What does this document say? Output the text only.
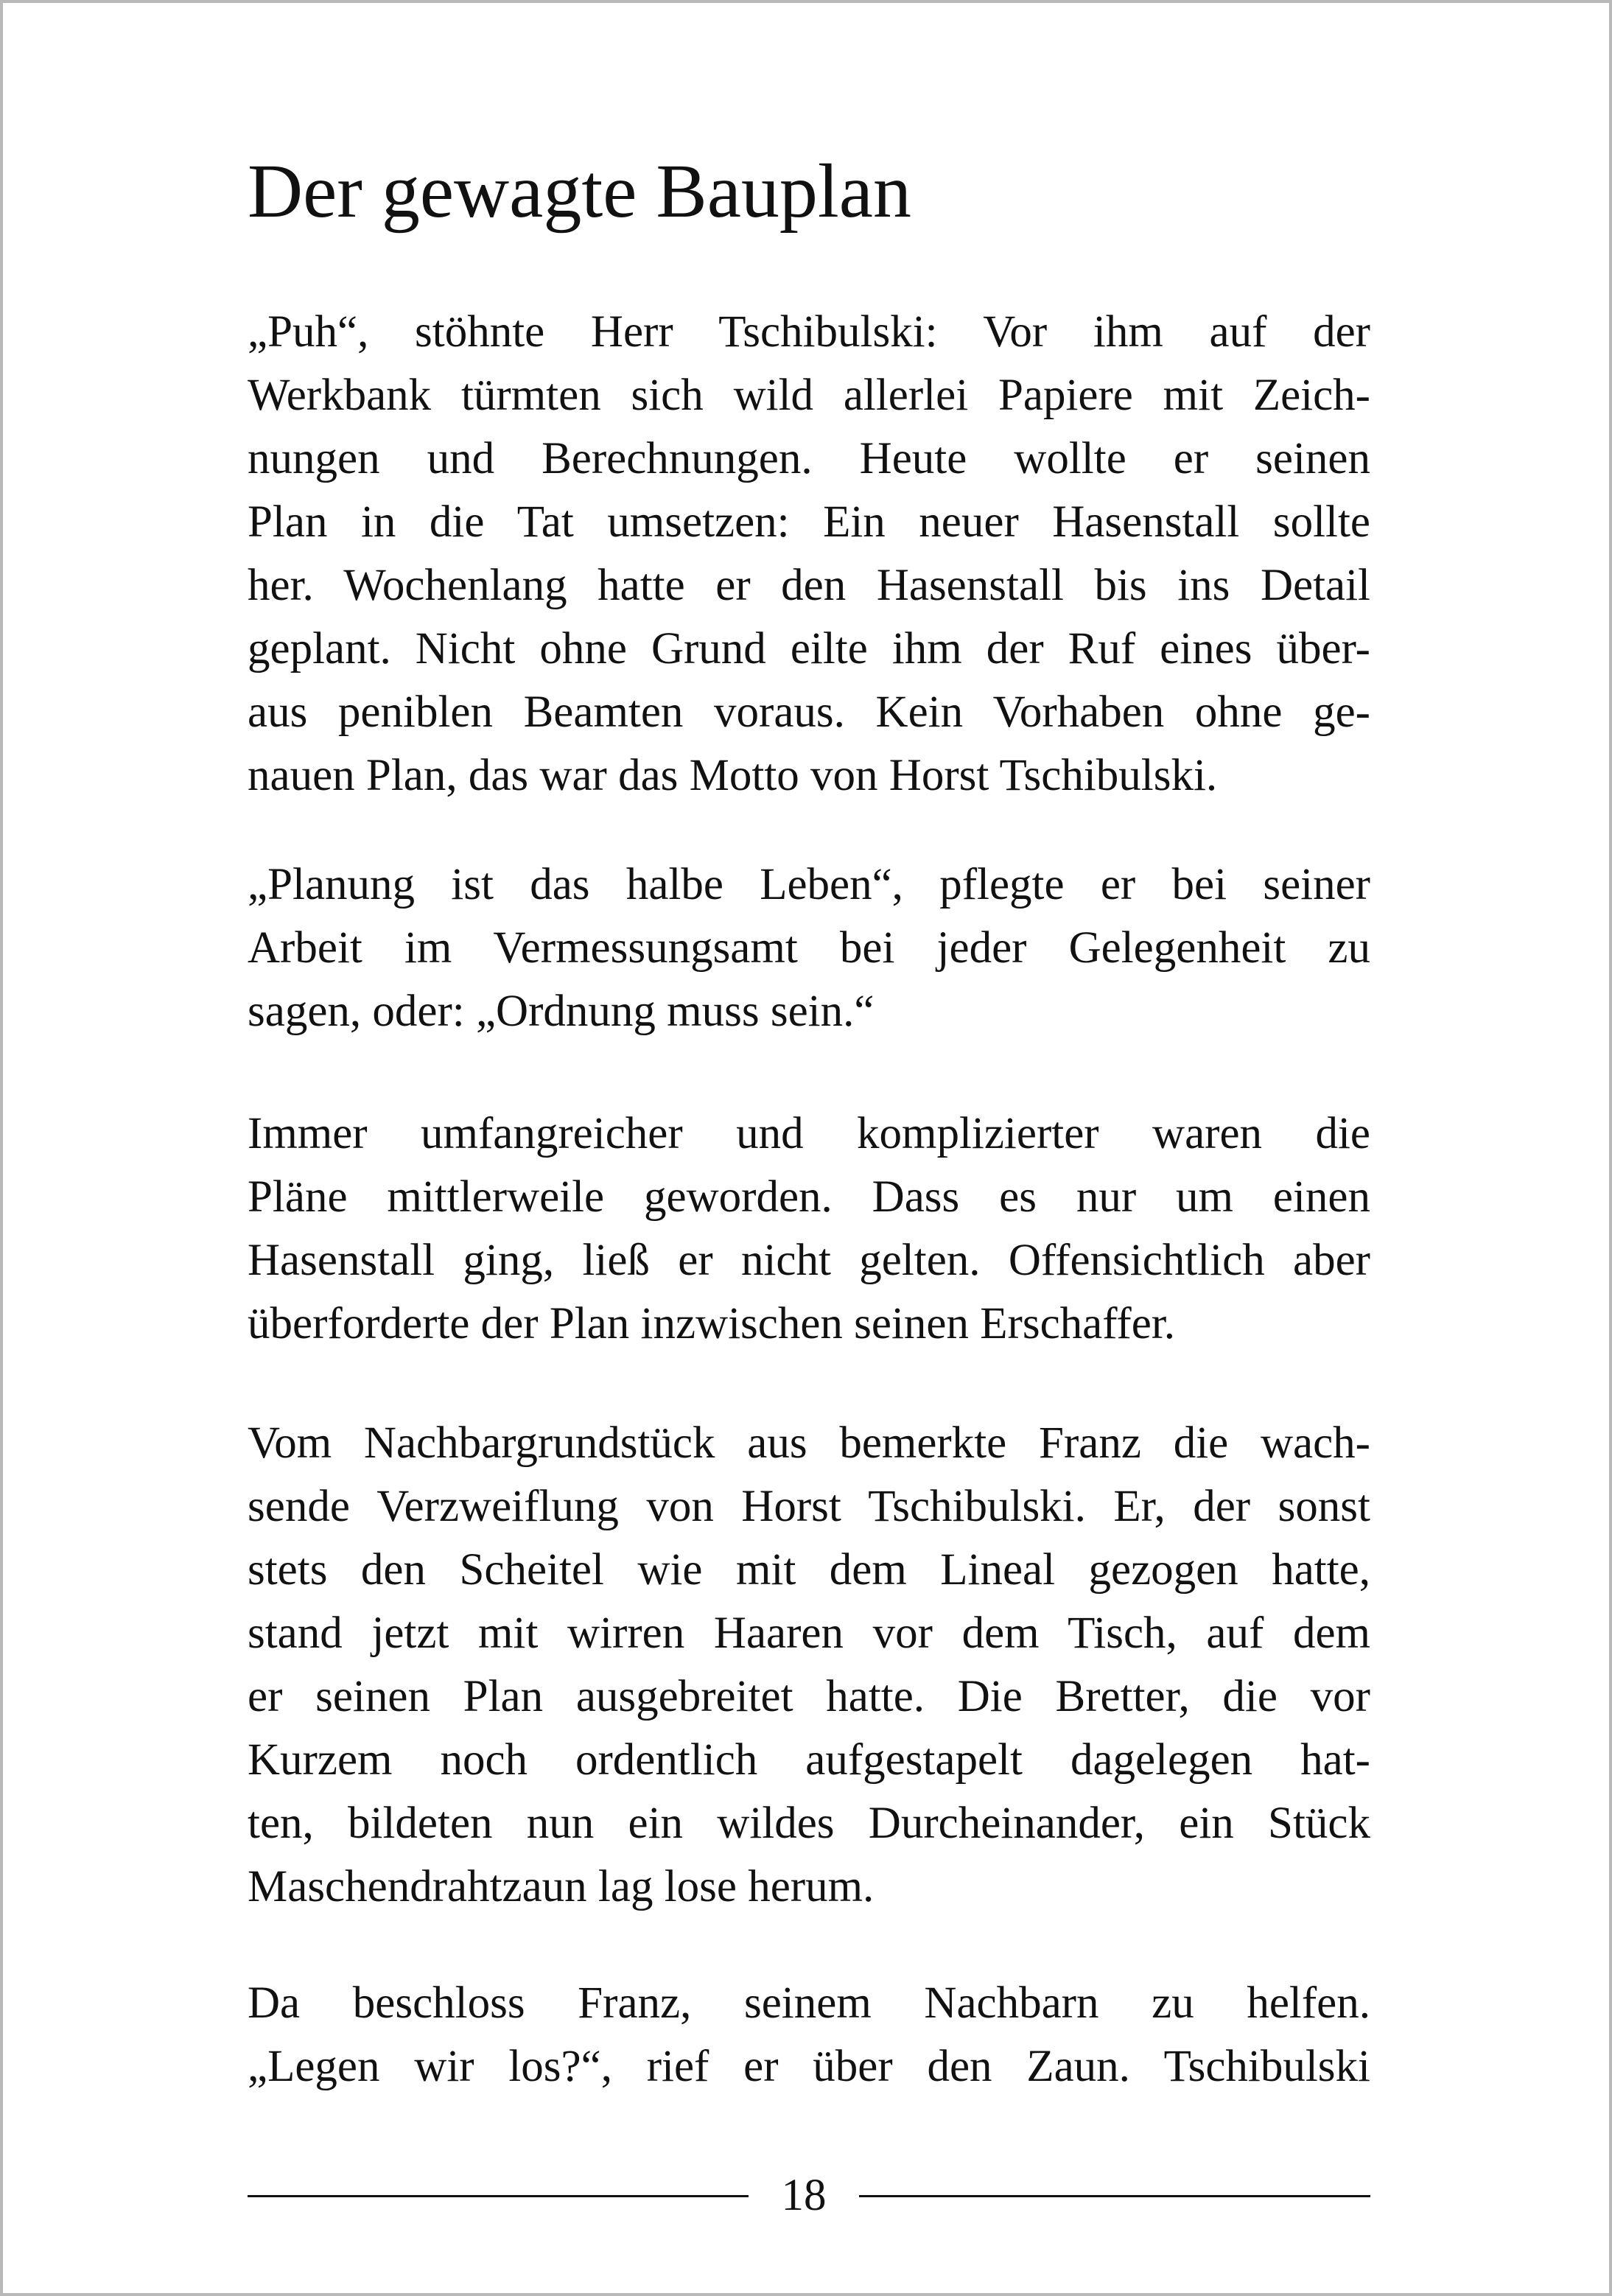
Der gewagte Bauplan
„Puh“, stöhnte Herr Tschibulski: Vor ihm auf der
Werkbank türmten sich wild allerlei Papiere mit Zeich-
nungen und Berechnungen. Heute wollte er seinen
Plan in die Tat umsetzen: Ein neuer Hasenstall sollte
her. Wochenlang hatte er den Hasenstall bis ins Detail
geplant. Nicht ohne Grund eilte ihm der Ruf eines über-
aus peniblen Beamten voraus. Kein Vorhaben ohne ge-
nauen Plan, das war das Motto von Horst Tschibulski.
„Planung ist das halbe Leben“, pflegte er bei seiner
Arbeit im Vermessungsamt bei jeder Gelegenheit zu
sagen, oder: „Ordnung muss sein.“
Immer umfangreicher und komplizierter waren die
Pläne mittlerweile geworden. Dass es nur um einen
Hasenstall ging, ließ er nicht gelten. Offensichtlich aber
überforderte der Plan inzwischen seinen Erschaffer.
Vom Nachbargrundstück aus bemerkte Franz die wach-
sende Verzweiflung von Horst Tschibulski. Er, der sonst
stets den Scheitel wie mit dem Lineal gezogen hatte,
stand jetzt mit wirren Haaren vor dem Tisch, auf dem
er seinen Plan ausgebreitet hatte. Die Bretter, die vor
Kurzem noch ordentlich aufgestapelt dagelegen hat-
ten, bildeten nun ein wildes Durcheinander, ein Stück
Maschendrahtzaun lag lose herum.
Da beschloss Franz, seinem Nachbarn zu helfen.
„Legen wir los?“, rief er über den Zaun. Tschibulski
18
